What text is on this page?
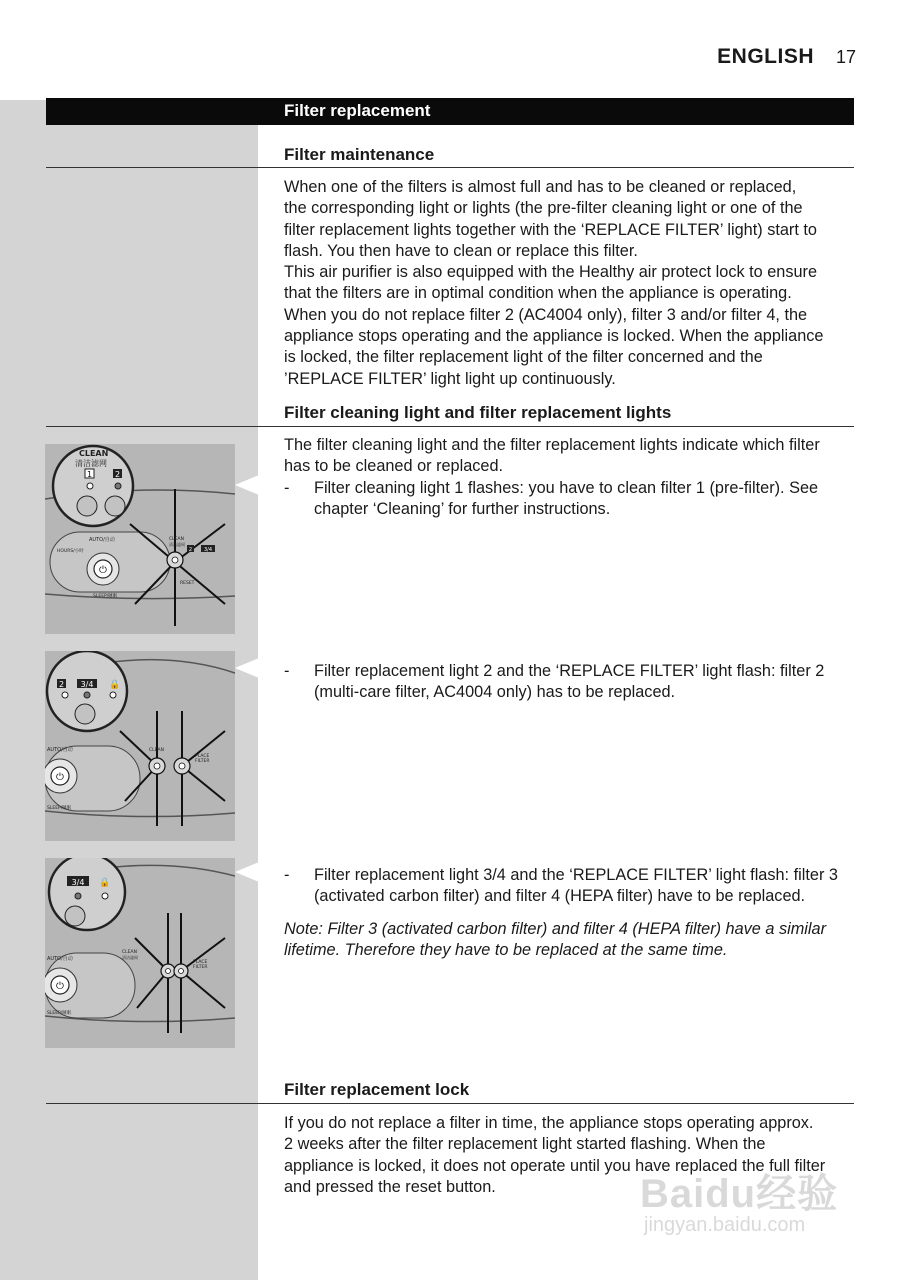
ENGLISH 17
Filter replacement
Filter maintenance
When one of the filters is almost full and has to be cleaned or replaced,
the corresponding light or lights (the pre-filter cleaning light or one of the
filter replacement lights together with the ‘REPLACE FILTER’ light) start to
flash. You then have to clean or replace this filter.
This air purifier is also equipped with the Healthy air protect lock to ensure
that the filters are in optimal condition when the appliance is operating.
When you do not replace filter 2 (AC4004 only), filter 3 and/or filter 4, the
appliance stops operating and the appliance is locked. When the appliance
is locked, the filter replacement light of the filter concerned and the
’REPLACE FILTER’ light light up continuously.
Filter cleaning light and filter replacement lights
The filter cleaning light and the filter replacement lights indicate which filter
has to be cleaned or replaced.
- Filter cleaning light 1 flashes: you have to clean filter 1 (pre-filter). See
chapter ‘Cleaning’ for further instructions.
- Filter replacement light 2 and the ‘REPLACE FILTER’ light flash: filter 2
(multi-care filter, AC4004 only) has to be replaced.
- Filter replacement light 3/4 and the ‘REPLACE FILTER’ light flash: filter 3
(activated carbon filter) and filter 4 (HEPA filter) have to be replaced.
Note: Filter 3 (activated carbon filter) and filter 4 (HEPA filter) have a similar
lifetime. Therefore they have to be replaced at the same time.
⏻
AUTO/自动
HOURS/小时
SLEEP/睡眠
CLEAN
清洁滤网
2 3/4
RESET
CLEAN
清洁滤网
1	2
⏻
AUTO/自动
SLEEP/睡眠
CLEAN
PLACE
FILTER
2 3/4 🔒
⏻
AUTO/自动
SLEEP/睡眠
CLEAN
清洁滤网
PLACE
FILTER
3/4 🔒
Filter replacement lock
If you do not replace a filter in time, the appliance stops operating approx.
2 weeks after the filter replacement light started flashing. When the
appliance is locked, it does not operate until you have replaced the full filter
and pressed the reset button.	Baidu经验
jingyan.baidu.com
